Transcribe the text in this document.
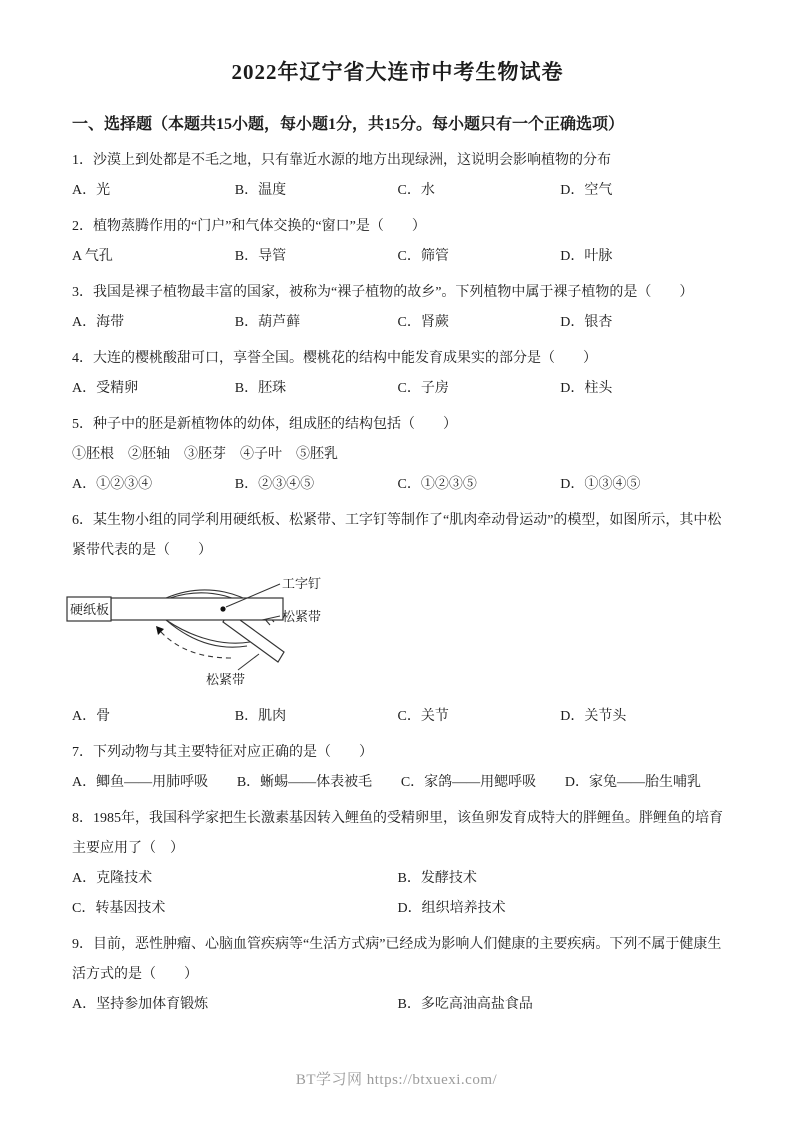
2022年辽宁省大连市中考生物试卷
一、选择题（本题共15小题，每小题1分，共15分。每小题只有一个正确选项）

1．沙漠上到处都是不毛之地，只有靠近水源的地方出现绿洲，这说明会影响植物的分布

A．光	B．温度	C．水	D．空气

2．植物蒸腾作用的“门户”和气体交换的“窗口”是（　　）

A 气孔	B．导管	C．筛管	D．叶脉

3．我国是裸子植物最丰富的国家，被称为“裸子植物的故乡”。下列植物中属于裸子植物的是（　　）

A．海带	B．葫芦藓	C．肾蕨	D．银杏

4．大连的樱桃酸甜可口，享誉全国。樱桃花的结构中能发育成果实的部分是（　　）

A．受精卵	B．胚珠	C．子房	D．柱头

5．种子中的胚是新植物体的幼体，组成胚的结构包括（　　）

①胚根　②胚轴　③胚芽　④子叶　⑤胚乳

A．①②③④	B．②③④⑤	C．①②③⑤	D．①③④⑤

6．某生物小组的同学利用硬纸板、松紧带、工字钉等制作了“肌肉牵动骨运动”的模型，如图所示，其中松紧带代表的是（　　）

硬纸板
工字钉
松紧带
松紧带
A．骨	B．肌肉	C．关节	D．关节头

7．下列动物与其主要特征对应正确的是（　　）

A．鲫鱼——用肺呼吸 B．蜥蜴——体表被毛 C．家鸽——用鳃呼吸 D．家兔——胎生哺乳

8．1985年，我国科学家把生长激素基因转入鲤鱼的受精卵里，该鱼卵发育成特大的胖鲤鱼。胖鲤鱼的培育主要应用了（　）

A．克隆技术	B．发酵技术
C．转基因技术	D．组织培养技术

9．目前，恶性肿瘤、心脑血管疾病等“生活方式病”已经成为影响人们健康的主要疾病。下列不属于健康生活方式的是（　　）

A．坚持参加体育锻炼	B．多吃高油高盐食品
BT学习网 https://btxuexi.com/
